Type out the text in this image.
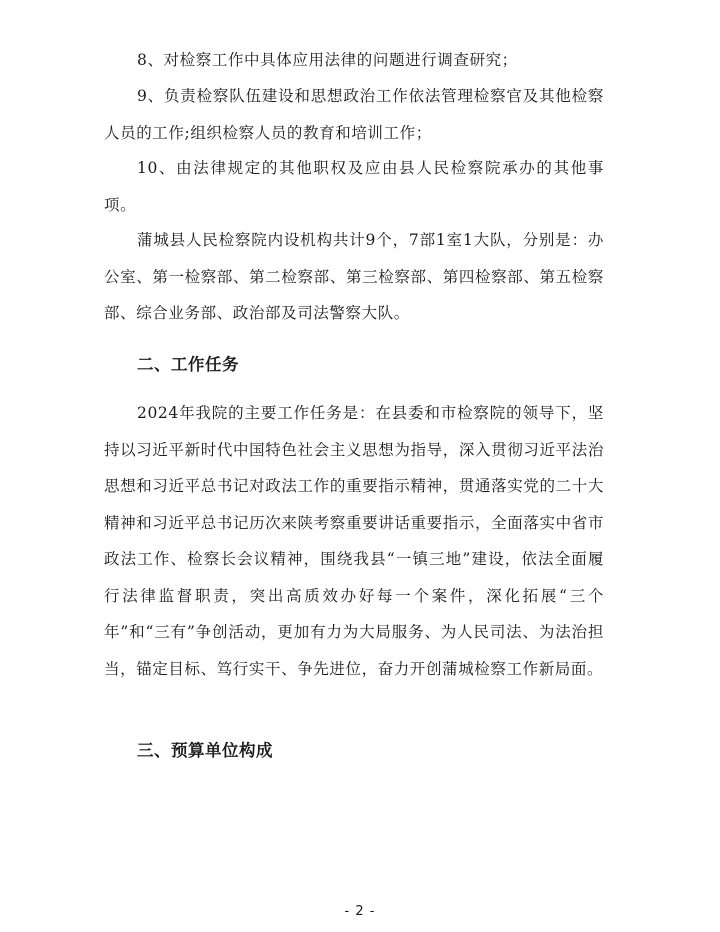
8、对检察工作中具体应用法律的问题进行调查研究；

9、负责检察队伍建设和思想政治工作依法管理检察官及其他检察人员的工作;组织检察人员的教育和培训工作；

10、由法律规定的其他职权及应由县人民检察院承办的其他事项。

蒲城县人民检察院内设机构共计9个，7部1室1大队，分别是：办公室、第一检察部、第二检察部、第三检察部、第四检察部、第五检察部、综合业务部、政治部及司法警察大队。

二、工作任务

2024年我院的主要工作任务是：在县委和市检察院的领导下，坚持以习近平新时代中国特色社会主义思想为指导，深入贯彻习近平法治思想和习近平总书记对政法工作的重要指示精神，贯通落实党的二十大精神和习近平总书记历次来陕考察重要讲话重要指示，全面落实中省市政法工作、检察长会议精神，围绕我县“一镇三地”建设，依法全面履行法律监督职责，突出高质效办好每一个案件，深化拓展“三个年”和“三有”争创活动，更加有力为大局服务、为人民司法、为法治担当，锚定目标、笃行实干、争先进位，奋力开创蒲城检察工作新局面。

三、预算单位构成
- 2 -
